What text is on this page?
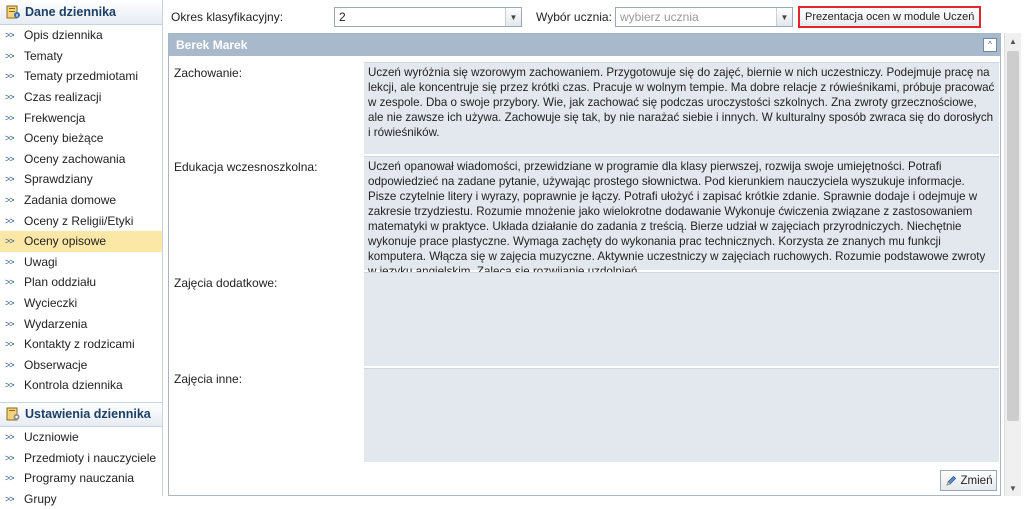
Dane dziennika
>> Opis dziennika
>> Tematy
>> Tematy przedmiotami
>> Czas realizacji
>> Frekwencja
>> Oceny bieżące
>> Oceny zachowania
>> Sprawdziany
>> Zadania domowe
>> Oceny z Religii/Etyki
>> Oceny opisowe
>> Uwagi
>> Plan oddziału
>> Wycieczki
>> Wydarzenia
>> Kontakty z rodzicami
>> Obserwacje
>> Kontrola dziennika
Ustawienia dziennika
>> Uczniowie
>> Przedmioty i nauczyciele
>> Programy nauczania
>> Grupy
Okres klasyfikacyjny:	2	▼ Wybór ucznia: wybierz ucznia	▼	Prezentacja ocen w module Uczeń
Berek Marek	^
Zachowanie:	Uczeń wyróżnia się wzorowym zachowaniem. Przygotowuje się do zajęć, biernie w nich uczestniczy. Podejmuje pracę na lekcji, ale koncentruje się przez krótki czas. Pracuje w wolnym tempie. Ma dobre relacje z rówieśnikami, próbuje pracować w zespole. Dba o swoje przybory. Wie, jak zachować się podczas uroczystości szkolnych. Zna zwroty grzecznościowe, ale nie zawsze ich używa. Zachowuje się tak, by nie narażać siebie i innych. W kulturalny sposób zwraca się do dorosłych i rówieśników.
Edukacja wczesnoszkolna:	Uczeń opanował wiadomości, przewidziane w programie dla klasy pierwszej, rozwija swoje umiejętności. Potrafi odpowiedzieć na zadane pytanie, używając prostego słownictwa. Pod kierunkiem nauczyciela wyszukuje informacje. Pisze czytelnie litery i wyrazy, poprawnie je łączy. Potrafi ułożyć i zapisać krótkie zdanie. Sprawnie dodaje i odejmuje w zakresie trzydziestu. Rozumie mnożenie jako wielokrotne dodawanie Wykonuje ćwiczenia związane z zastosowaniem matematyki w praktyce. Układa działanie do zadania z treścią. Bierze udział w zajęciach przyrodniczych. Niechętnie wykonuje prace plastyczne. Wymaga zachęty do wykonania prac technicznych. Korzysta ze znanych mu funkcji komputera. Włącza się w zajęcia muzyczne. Aktywnie uczestniczy w zajęciach ruchowych. Rozumie podstawowe zwroty
Zajęcia dodatkowe:
Zajęcia inne:
▲
▼
Zmień
